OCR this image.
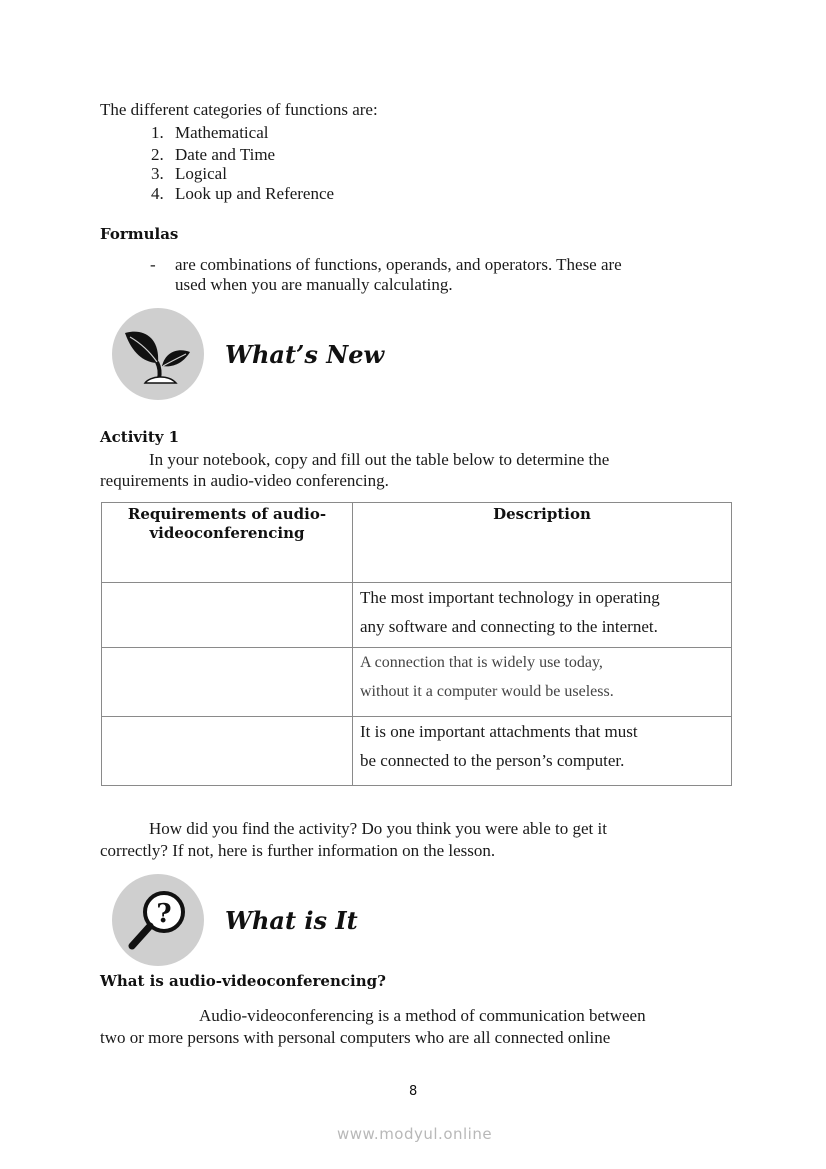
The different categories of functions are:
1. Mathematical
2. Date and Time
3. Logical
4. Look up and Reference
Formulas
- are combinations of functions, operands, and operators. These are
used when you are manually calculating.
What’s New
Activity 1
In your notebook, copy and fill out the table below to determine the
requirements in audio-video conferencing.
Requirements of audio-
videoconferencing	Description

	The most important technology in operating
any software and connecting to the internet.

	A connection that is widely use today,
without it a computer would be useless.

	It is one important attachments that must
be connected to the person’s computer.
How did you find the activity? Do you think you were able to get it
correctly? If not, here is further information on the lesson.
? What is It
What is audio-videoconferencing?
Audio-videoconferencing is a method of communication between
two or more persons with personal computers who are all connected online
8
www.modyul.online
